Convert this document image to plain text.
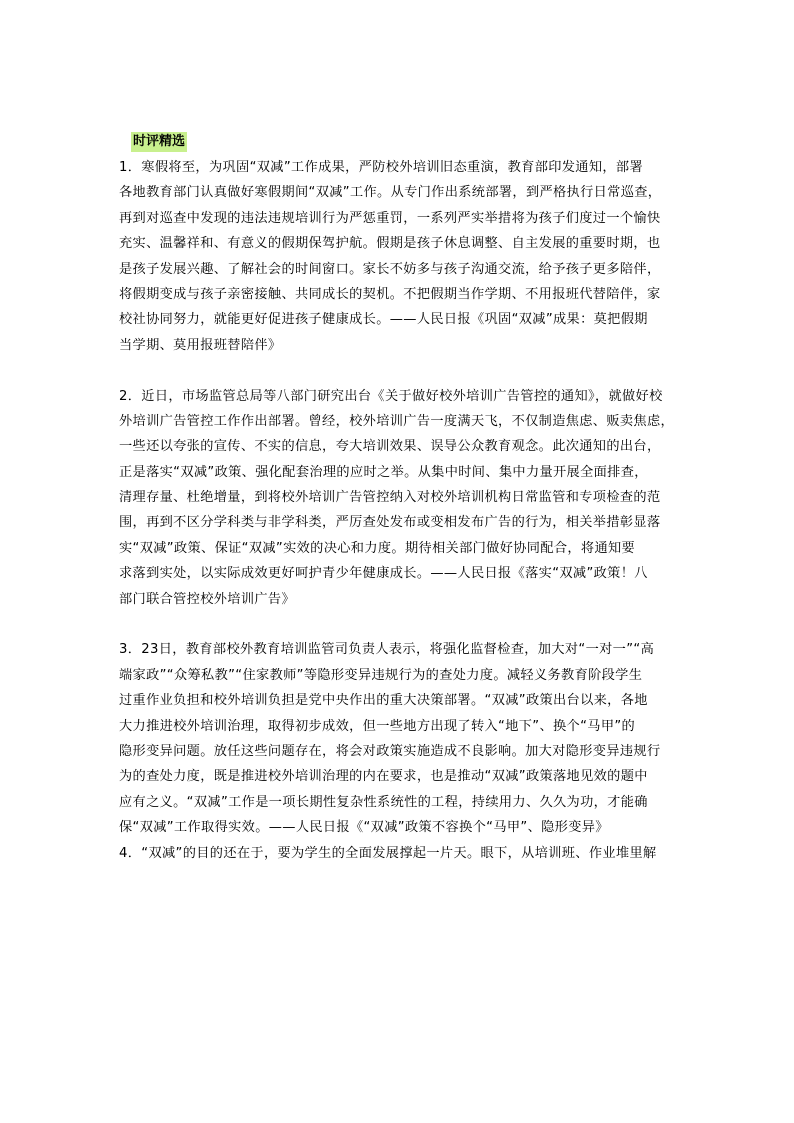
时评精选
1．寒假将至，为巩固“双减”工作成果，严防校外培训旧态重演，教育部印发通知，部署
各地教育部门认真做好寒假期间“双减”工作。从专门作出系统部署，到严格执行日常巡查，
再到对巡查中发现的违法违规培训行为严惩重罚，一系列严实举措将为孩子们度过一个愉快
充实、温馨祥和、有意义的假期保驾护航。假期是孩子休息调整、自主发展的重要时期，也
是孩子发展兴趣、了解社会的时间窗口。家长不妨多与孩子沟通交流，给予孩子更多陪伴，
将假期变成与孩子亲密接触、共同成长的契机。不把假期当作学期、不用报班代替陪伴，家
校社协同努力，就能更好促进孩子健康成长。——人民日报《巩固“双减”成果：莫把假期
当学期、莫用报班替陪伴》
2．近日，市场监管总局等八部门研究出台《关于做好校外培训广告管控的通知》，就做好校
外培训广告管控工作作出部署。曾经，校外培训广告一度满天飞，不仅制造焦虑、贩卖焦虑，
一些还以夸张的宣传、不实的信息，夸大培训效果、误导公众教育观念。此次通知的出台，
正是落实“双减”政策、强化配套治理的应时之举。从集中时间、集中力量开展全面排查，
清理存量、杜绝增量，到将校外培训广告管控纳入对校外培训机构日常监管和专项检查的范
围，再到不区分学科类与非学科类，严厉查处发布或变相发布广告的行为，相关举措彰显落
实“双减”政策、保证“双减”实效的决心和力度。期待相关部门做好协同配合，将通知要
求落到实处，以实际成效更好呵护青少年健康成长。——人民日报《落实“双减”政策！八
部门联合管控校外培训广告》
3．23日，教育部校外教育培训监管司负责人表示，将强化监督检查，加大对“一对一”“高
端家政”“众筹私教”“住家教师”等隐形变异违规行为的查处力度。减轻义务教育阶段学生
过重作业负担和校外培训负担是党中央作出的重大决策部署。“双减”政策出台以来，各地
大力推进校外培训治理，取得初步成效，但一些地方出现了转入“地下”、换个“马甲”的
隐形变异问题。放任这些问题存在，将会对政策实施造成不良影响。加大对隐形变异违规行
为的查处力度，既是推进校外培训治理的内在要求，也是推动“双减”政策落地见效的题中
应有之义。“双减”工作是一项长期性复杂性系统性的工程，持续用力、久久为功，才能确
保“双减”工作取得实效。——人民日报《“双减”政策不容换个“马甲”、隐形变异》
4．“双减”的目的还在于，要为学生的全面发展撑起一片天。眼下，从培训班、作业堆里解
